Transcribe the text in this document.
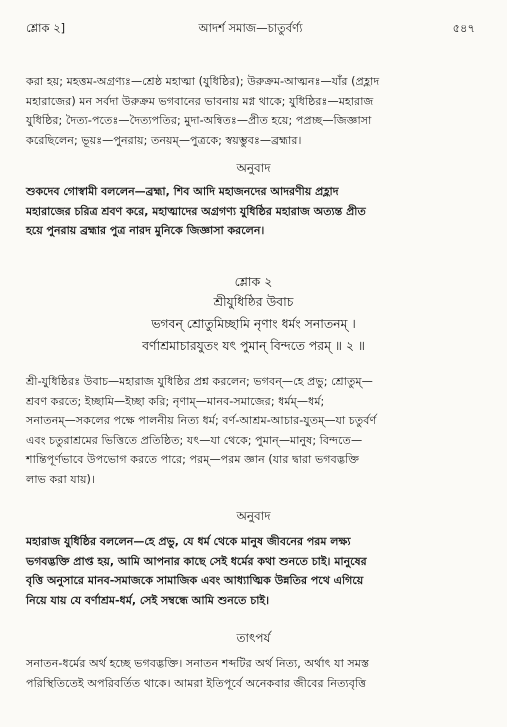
শ্লোক ২]	আদর্শ সমাজ—চাতুর্বর্ণ্য	৫৪৭
করা হয়; মহত্তম-অগ্রণ্যঃ—শ্রেষ্ঠ মহাত্মা (যুধিষ্ঠির); উরুক্রম-আত্মনঃ—যাঁর (প্রহ্লাদ
মহারাজের) মন সর্বদা উরুক্রম ভগবানের ভাবনায় মগ্ন থাকে; যুধিষ্ঠিরঃ—মহারাজ
যুধিষ্ঠির; দৈত্য-পতেঃ—দৈত্যপতির; মুদা-অন্বিতঃ—প্রীত হয়ে; পপ্রচ্ছ—জিজ্ঞাসা
করেছিলেন; ভূয়ঃ—পুনরায়; তনয়ম্—পুত্রকে; স্বয়ম্ভুবঃ—ব্রহ্মার।
অনুবাদ
শুকদেব গোস্বামী বললেন—ব্রহ্মা, শিব আদি মহাজনদের আদরণীয় প্রহ্লাদ
মহারাজের চরিত্র শ্রবণ করে, মহাত্মাদের অগ্রগণ্য যুধিষ্ঠির মহারাজ অত্যন্ত প্রীত
হয়ে পুনরায় ব্রহ্মার পুত্র নারদ মুনিকে জিজ্ঞাসা করলেন।
শ্লোক ২
শ্রীযুধিষ্ঠির উবাচ
ভগবন্ শ্রোতুমিচ্ছামি নৃণাং ধর্মং সনাতনম্ ।
বর্ণাশ্রমাচারযুতং যৎ পুমান্ বিন্দতে পরম্ ॥ ২ ॥
শ্রী-যুধিষ্ঠিরঃ উবাচ—মহারাজ যুধিষ্ঠির প্রশ্ন করলেন; ভগবন্—হে প্রভু; শ্রোতুম্—
শ্রবণ করতে; ইচ্ছামি—ইচ্ছা করি; নৃণাম্—মানব-সমাজের; ধর্মম্—ধর্ম;
সনাতনম্—সকলের পক্ষে পালনীয় নিত্য ধর্ম; বর্ণ-আশ্রম-আচার-যুতম্—যা চতুর্বর্ণ
এবং চতুরাশ্রমের ভিত্তিতে প্রতিষ্ঠিত; যৎ—যা থেকে; পুমান্—মানুষ; বিন্দতে—
শান্তিপূর্ণভাবে উপভোগ করতে পারে; পরম্—পরম জ্ঞান (যার দ্বারা ভগবদ্ভক্তি
লাভ করা যায়)।
অনুবাদ
মহারাজ যুধিষ্ঠির বললেন—হে প্রভু, যে ধর্ম থেকে মানুষ জীবনের পরম লক্ষ্য
ভগবদ্ভক্তি প্রাপ্ত হয়, আমি আপনার কাছে সেই ধর্মের কথা শুনতে চাই। মানুষের
বৃত্তি অনুসারে মানব-সমাজকে সামাজিক এবং আধ্যাত্মিক উন্নতির পথে এগিয়ে
নিয়ে যায় যে বর্ণাশ্রম-ধর্ম, সেই সম্বন্ধে আমি শুনতে চাই।
তাৎপর্য
সনাতন-ধর্মের অর্থ হচ্ছে ভগবদ্ভক্তি। সনাতন শব্দটির অর্থ নিত্য, অর্থাৎ যা সমস্ত
পরিস্থিতিতেই অপরিবর্তিত থাকে। আমরা ইতিপূর্বে অনেকবার জীবের নিত্যবৃত্তি
